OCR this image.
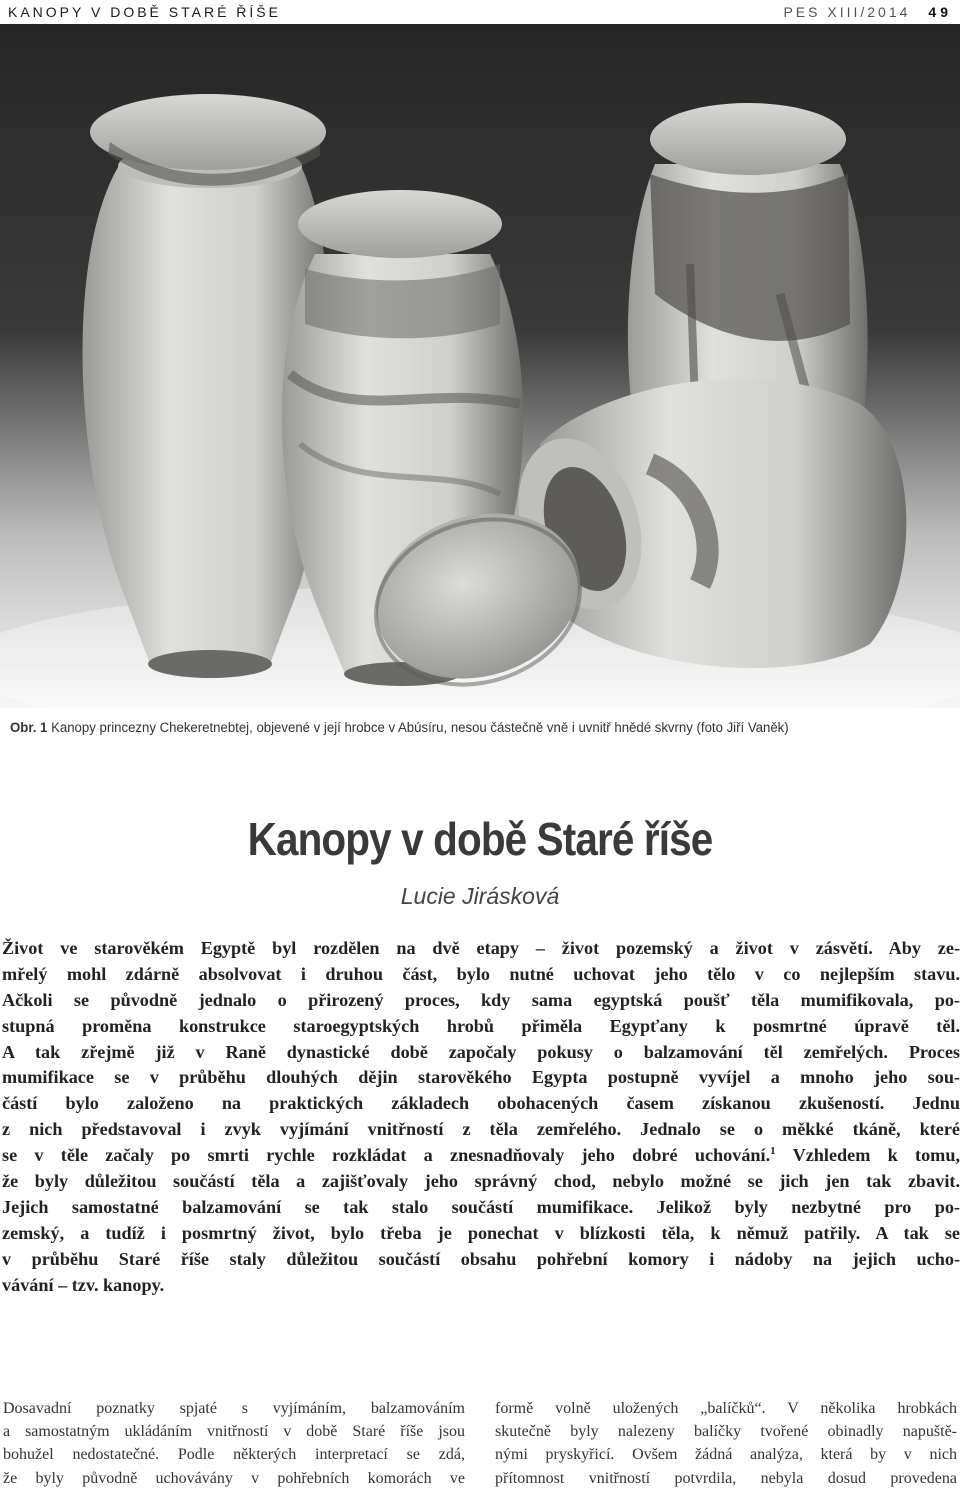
KANOPY V DOBĚ STARÉ ŘÍŠE	PES XIII/2014 49
Obr. 1 Kanopy princezny Chekeretnebtej, objevené v její hrobce v Abúsíru, nesou částečně vně i uvnitř hnědé skvrny (foto Jiří Vaněk)
Kanopy v době Staré říše
Lucie Jirásková
Život ve starověkém Egyptě byl rozdělen na dvě etapy – život pozemský a život v zásvětí. Aby ze-
mřelý mohl zdárně absolvovat i druhou část, bylo nutné uchovat jeho tělo v co nejlepším stavu.
Ačkoli se původně jednalo o přirozený proces, kdy sama egyptská poušť těla mumifikovala, po-
stupná proměna konstrukce staroegyptských hrobů přiměla Egypťany k posmrtné úpravě těl.
A tak zřejmě již v Raně dynastické době započaly pokusy o balzamování těl zemřelých. Proces
mumifikace se v průběhu dlouhých dějin starověkého Egypta postupně vyvíjel a mnoho jeho sou-
částí bylo založeno na praktických základech obohacených časem získanou zkušeností. Jednu
z nich představoval i zvyk vyjímání vnitřností z těla zemřelého. Jednalo se o měkké tkáně, které
se v těle začaly po smrti rychle rozkládat a znesnadňovaly jeho dobré uchování.$^1$ Vzhledem k tomu,
že byly důležitou součástí těla a zajišťovaly jeho správný chod, nebylo možné se jich jen tak zbavit.
Jejich samostatné balzamování se tak stalo součástí mumifikace. Jelikož byly nezbytné pro po-
zemský, a tudíž i posmrtný život, bylo třeba je ponechat v blízkosti těla, k němuž patřily. A tak se
v průběhu Staré říše staly důležitou součástí obsahu pohřební komory i nádoby na jejich ucho-
vávání – tzv. kanopy.
Dosavadní poznatky spjaté s vyjímáním, balzamováním
a samostatným ukládáním vnitřností v době Staré říše jsou
bohužel nedostatečné. Podle některých interpretací se zdá,
že byly původně uchovávány v pohřebních komorách ve
formě volně uložených „balíčků“. V několika hrobkách
skutečně byly nalezeny balíčky tvořené obinadly napuště-
nými pryskyřicí. Ovšem žádná analýza, která by v nich
přítomnost vnitřností potvrdila, nebyla dosud provedena
